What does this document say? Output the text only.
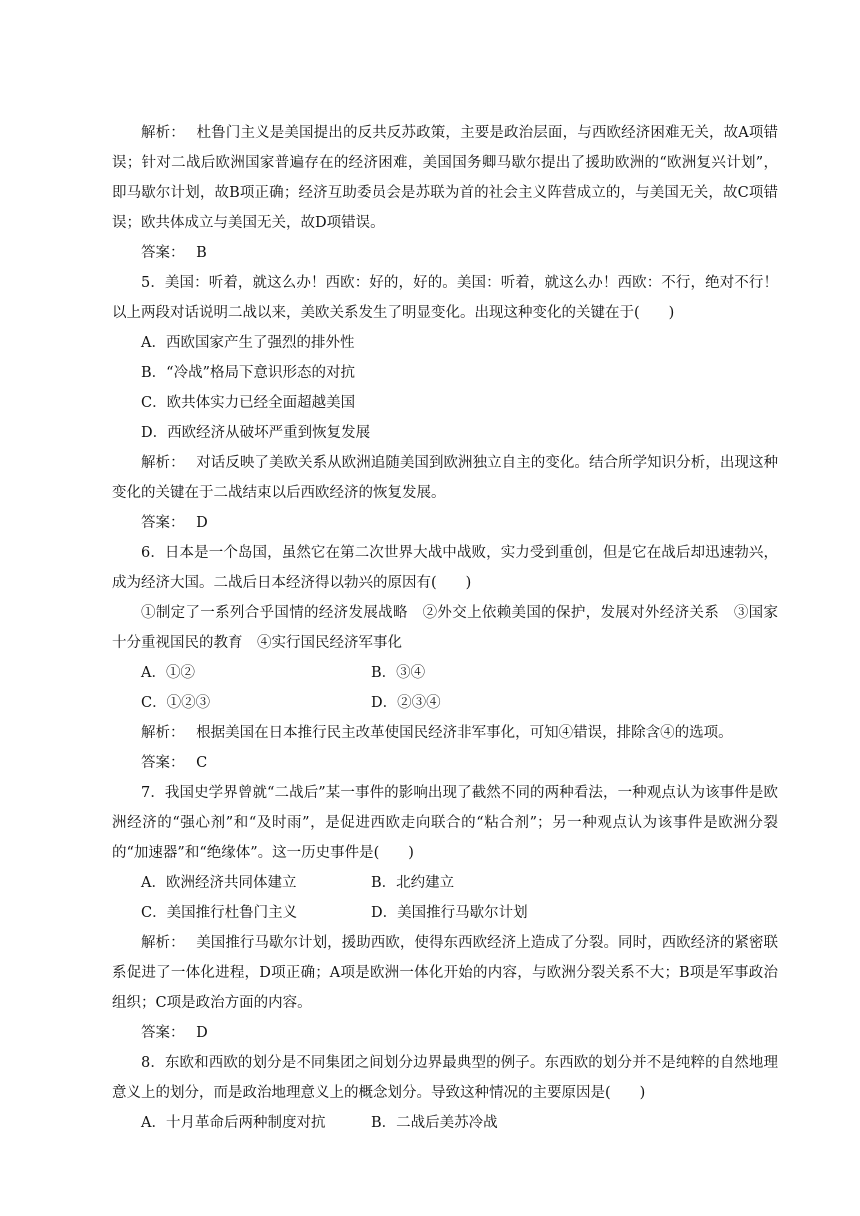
解析： 杜鲁门主义是美国提出的反共反苏政策，主要是政治层面，与西欧经济困难无关，故A项错误；针对二战后欧洲国家普遍存在的经济困难，美国国务卿马歇尔提出了援助欧洲的“欧洲复兴计划”，即马歇尔计划，故B项正确；经济互助委员会是苏联为首的社会主义阵营成立的，与美国无关，故C项错误；欧共体成立与美国无关，故D项错误。

答案： B

5．美国：听着，就这么办！西欧：好的，好的。美国：听着，就这么办！西欧：不行，绝对不行！以上两段对话说明二战以来，美欧关系发生了明显变化。出现这种变化的关键在于(　　)

A．西欧国家产生了强烈的排外性

B．“冷战”格局下意识形态的对抗

C．欧共体实力已经全面超越美国

D．西欧经济从破坏严重到恢复发展

解析： 对话反映了美欧关系从欧洲追随美国到欧洲独立自主的变化。结合所学知识分析，出现这种变化的关键在于二战结束以后西欧经济的恢复发展。

答案： D

6．日本是一个岛国，虽然它在第二次世界大战中战败，实力受到重创，但是它在战后却迅速勃兴，成为经济大国。二战后日本经济得以勃兴的原因有(　　)

①制定了一系列合乎国情的经济发展战略　②外交上依赖美国的保护，发展对外经济关系　③国家十分重视国民的教育　④实行国民经济军事化

A．①②	B．③④
C．①②③	D．②③④

解析： 根据美国在日本推行民主改革使国民经济非军事化，可知④错误，排除含④的选项。

答案： C

7．我国史学界曾就“二战后”某一事件的影响出现了截然不同的两种看法，一种观点认为该事件是欧洲经济的“强心剂”和“及时雨”，是促进西欧走向联合的“粘合剂”；另一种观点认为该事件是欧洲分裂的“加速器”和“绝缘体”。这一历史事件是(　　)

A．欧洲经济共同体建立	B．北约建立
C．美国推行杜鲁门主义	D．美国推行马歇尔计划

解析： 美国推行马歇尔计划，援助西欧，使得东西欧经济上造成了分裂。同时，西欧经济的紧密联系促进了一体化进程，D项正确；A项是欧洲一体化开始的内容，与欧洲分裂关系不大；B项是军事政治组织；C项是政治方面的内容。

答案： D

8．东欧和西欧的划分是不同集团之间划分边界最典型的例子。东西欧的划分并不是纯粹的自然地理意义上的划分，而是政治地理意义上的概念划分。导致这种情况的主要原因是(　　)

A．十月革命后两种制度对抗	B．二战后美苏冷战
